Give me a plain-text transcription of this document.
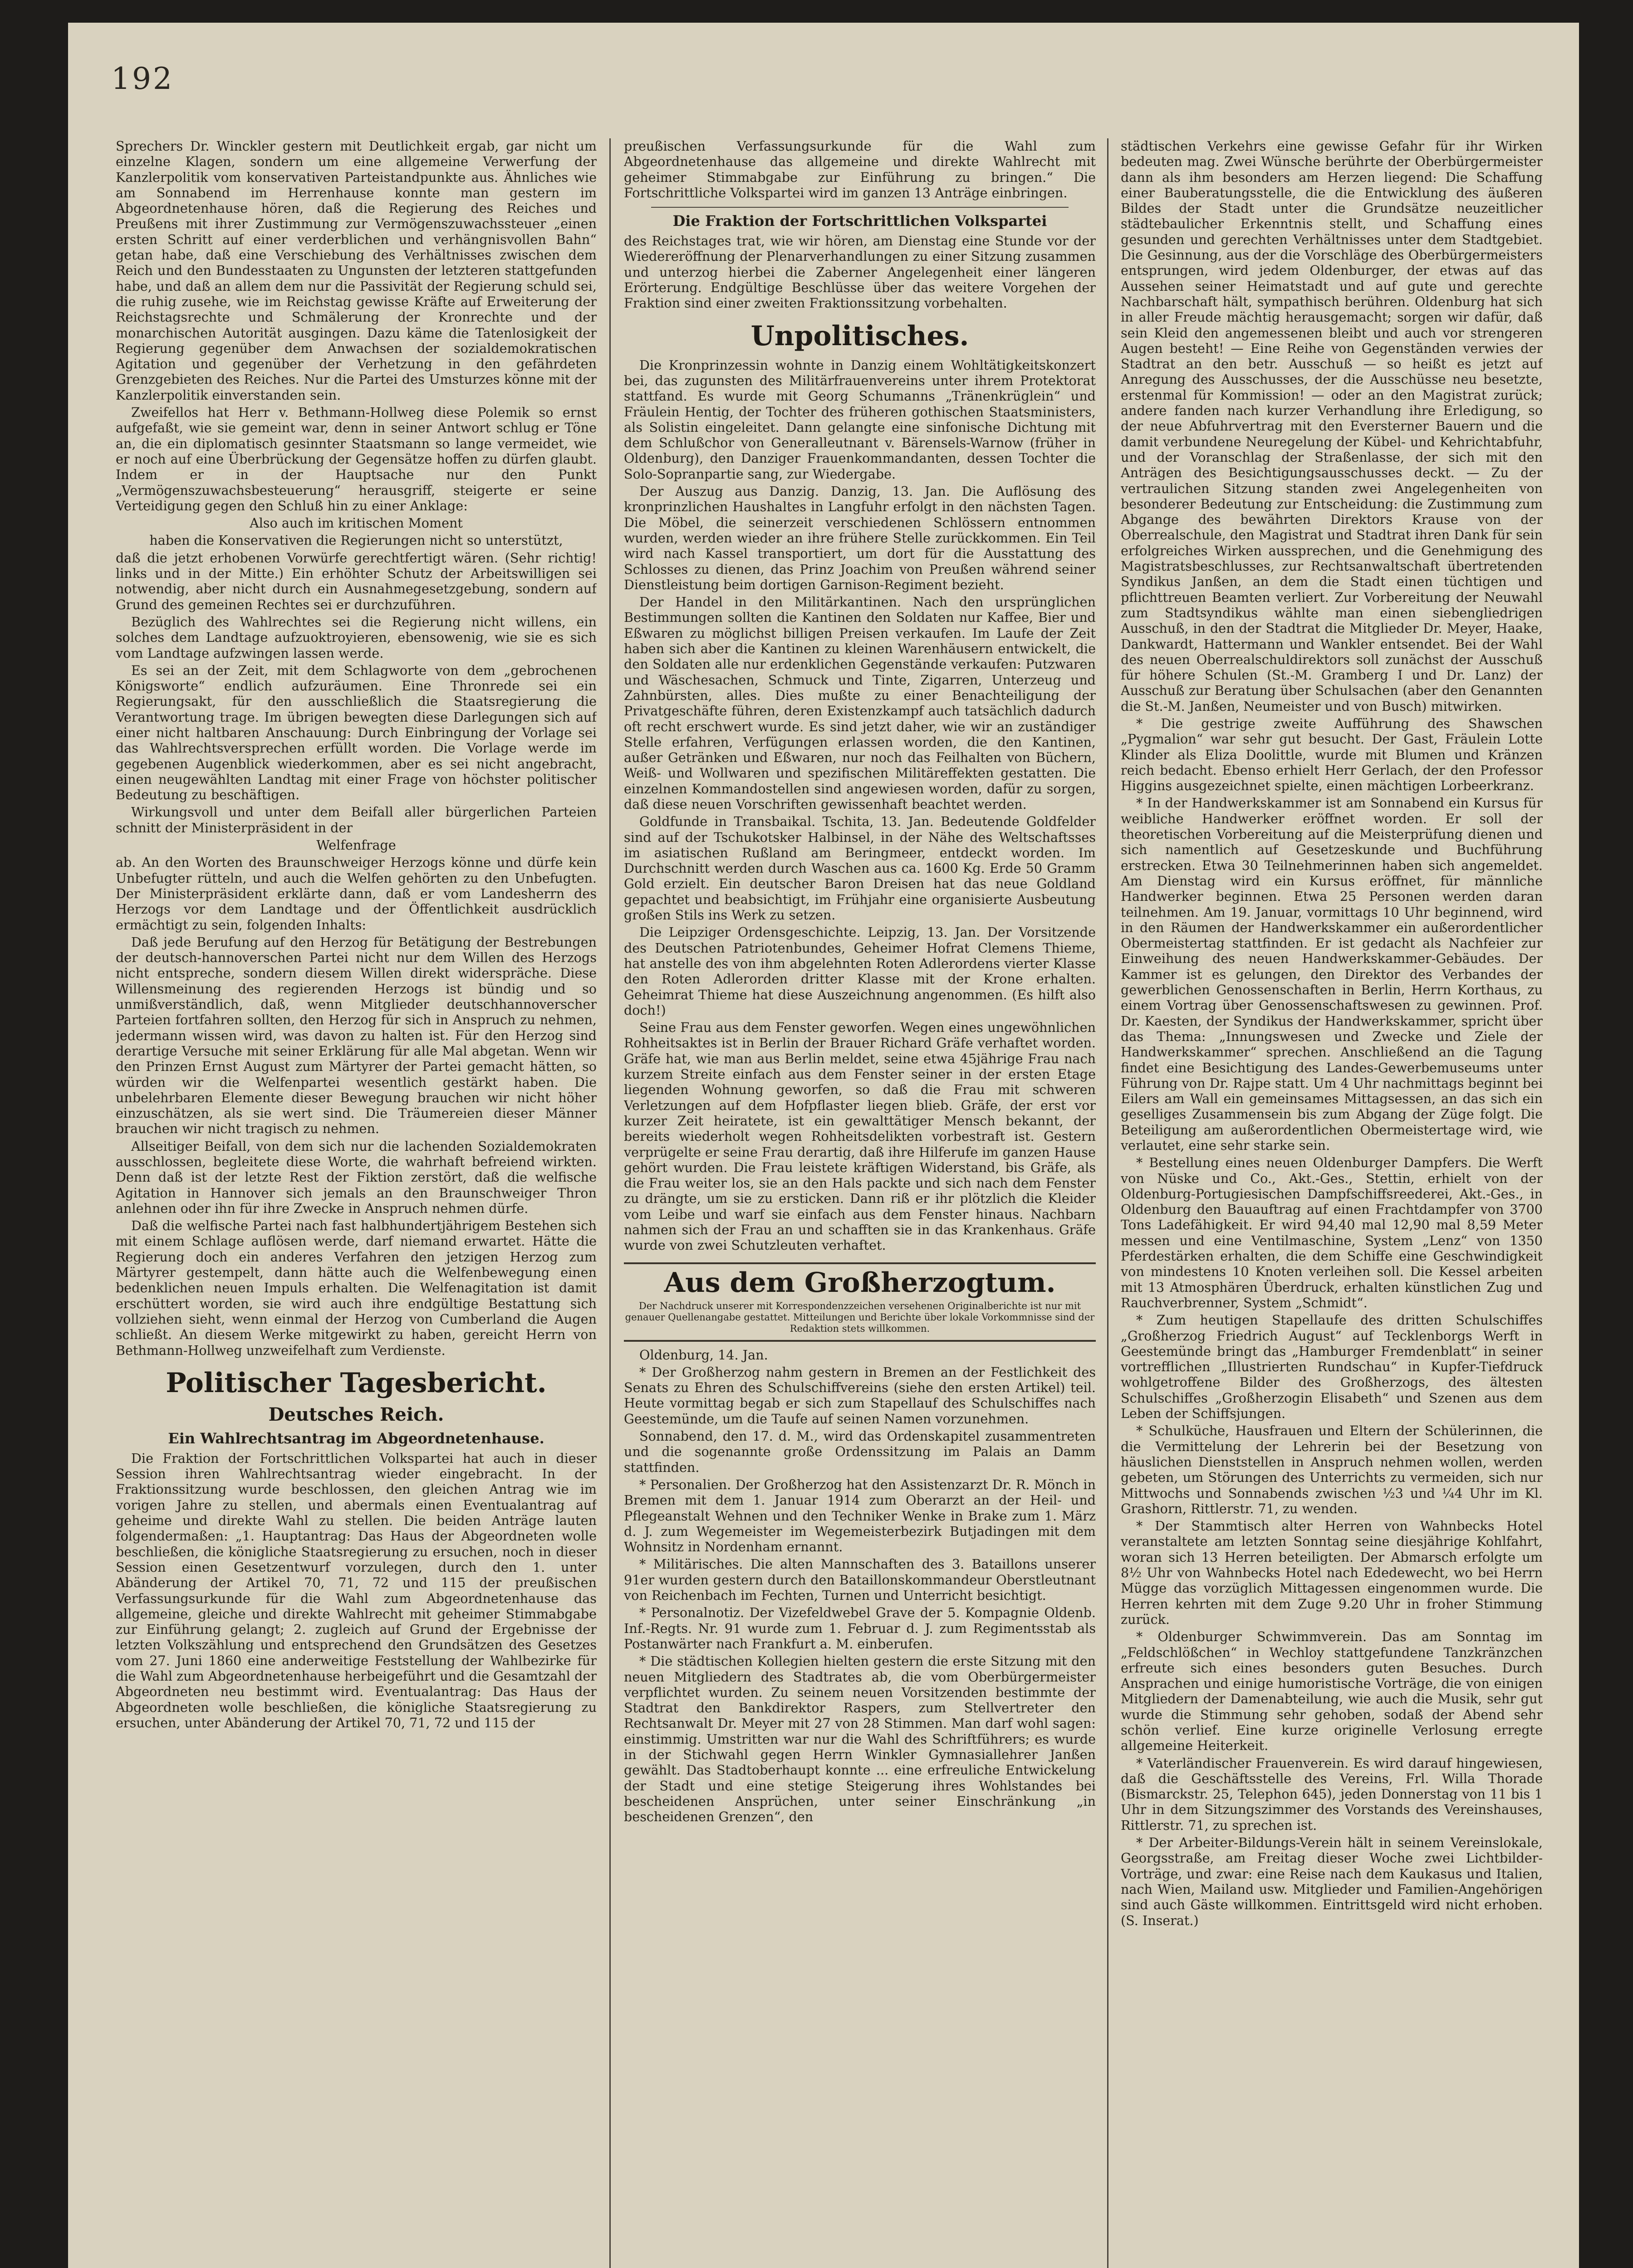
192

Sprechers Dr. Winckler gestern mit Deutlichkeit ergab, gar nicht um einzelne Klagen, sondern um eine allgemeine Verwerfung der Kanzlerpolitik vom konservativen Parteistandpunkte aus. Ähnliches wie am Sonnabend im Herrenhause konnte man gestern im Abgeordnetenhause hören, daß die Regierung des Reiches und Preußens mit ihrer Zustimmung zur Vermögenszuwachssteuer „einen ersten Schritt auf einer verderblichen und verhängnisvollen Bahn“ getan habe, daß eine Verschiebung des Verhältnisses zwischen dem Reich und den Bundesstaaten zu Ungunsten der letzteren stattgefunden habe, und daß an allem dem nur die Passivität der Regierung schuld sei, die ruhig zusehe, wie im Reichstag gewisse Kräfte auf Erweiterung der Reichstagsrechte und Schmälerung der Kronrechte und der monarchischen Autorität ausgingen. Dazu käme die Tatenlosigkeit der Regierung gegenüber dem Anwachsen der sozialdemokratischen Agitation und gegenüber der Verhetzung in den gefährdeten Grenzgebieten des Reiches. Nur die Partei des Umsturzes könne mit der Kanzlerpolitik einverstanden sein.

Zweifellos hat Herr v. Bethmann-Hollweg diese Polemik so ernst aufgefaßt, wie sie gemeint war, denn in seiner Antwort schlug er Töne an, die ein diplomatisch gesinnter Staatsmann so lange vermeidet, wie er noch auf eine Überbrückung der Gegensätze hoffen zu dürfen glaubt. Indem er in der Hauptsache nur den Punkt „Vermögenszuwachsbesteuerung“ herausgriff, steigerte er seine Verteidigung gegen den Schluß hin zu einer Anklage:

Also auch im kritischen Moment

haben die Konservativen die Regierungen nicht so unterstützt,

daß die jetzt erhobenen Vorwürfe gerechtfertigt wären. (Sehr richtig! links und in der Mitte.) Ein erhöhter Schutz der Arbeitswilligen sei notwendig, aber nicht durch ein Ausnahmegesetzgebung, sondern auf Grund des gemeinen Rechtes sei er durchzuführen.

Bezüglich des Wahlrechtes sei die Regierung nicht willens, ein solches dem Landtage aufzuoktroyieren, ebensowenig, wie sie es sich vom Landtage aufzwingen lassen werde.

Es sei an der Zeit, mit dem Schlagworte von dem „gebrochenen Königsworte“ endlich aufzuräumen. Eine Thronrede sei ein Regierungsakt, für den ausschließlich die Staatsregierung die Verantwortung trage. Im übrigen bewegten diese Darlegungen sich auf einer nicht haltbaren Anschauung: Durch Einbringung der Vorlage sei das Wahlrechtsversprechen erfüllt worden. Die Vorlage werde im gegebenen Augenblick wiederkommen, aber es sei nicht angebracht, einen neugewählten Landtag mit einer Frage von höchster politischer Bedeutung zu beschäftigen.

Wirkungsvoll und unter dem Beifall aller bürgerlichen Parteien schnitt der Ministerpräsident in der

Welfenfrage

ab. An den Worten des Braunschweiger Herzogs könne und dürfe kein Unbefugter rütteln, und auch die Welfen gehörten zu den Unbefugten. Der Ministerpräsident erklärte dann, daß er vom Landesherrn des Herzogs vor dem Landtage und der Öffentlichkeit ausdrücklich ermächtigt zu sein, folgenden Inhalts:

Daß jede Berufung auf den Herzog für Betätigung der Bestrebungen der deutsch-hannoverschen Partei nicht nur dem Willen des Herzogs nicht entspreche, sondern diesem Willen direkt widerspräche. Diese Willensmeinung des regierenden Herzogs ist bündig und so unmißverständlich, daß, wenn Mitglieder deutschhannoverscher Parteien fortfahren sollten, den Herzog für sich in Anspruch zu nehmen, jedermann wissen wird, was davon zu halten ist. Für den Herzog sind derartige Versuche mit seiner Erklärung für alle Mal abgetan. Wenn wir den Prinzen Ernst August zum Märtyrer der Partei gemacht hätten, so würden wir die Welfenpartei wesentlich gestärkt haben. Die unbelehrbaren Elemente dieser Bewegung brauchen wir nicht höher einzuschätzen, als sie wert sind. Die Träumereien dieser Männer brauchen wir nicht tragisch zu nehmen.

Allseitiger Beifall, von dem sich nur die lachenden Sozialdemokraten ausschlossen, begleitete diese Worte, die wahrhaft befreiend wirkten. Denn daß ist der letzte Rest der Fiktion zerstört, daß die welfische Agitation in Hannover sich jemals an den Braunschweiger Thron anlehnen oder ihn für ihre Zwecke in Anspruch nehmen dürfe.

Daß die welfische Partei nach fast halbhundertjährigem Bestehen sich mit einem Schlage auflösen werde, darf niemand erwartet. Hätte die Regierung doch ein anderes Verfahren den jetzigen Herzog zum Märtyrer gestempelt, dann hätte auch die Welfenbewegung einen bedenklichen neuen Impuls erhalten. Die Welfenagitation ist damit erschüttert worden, sie wird auch ihre endgültige Bestattung sich vollziehen sieht, wenn einmal der Herzog von Cumberland die Augen schließt. An diesem Werke mitgewirkt zu haben, gereicht Herrn von Bethmann-Hollweg unzweifelhaft zum Verdienste.

Politischer Tagesbericht.
Deutsches Reich.
Ein Wahlrechtsantrag im Abgeordnetenhause.

Die Fraktion der Fortschrittlichen Volkspartei hat auch in dieser Session ihren Wahlrechtsantrag wieder eingebracht. In der Fraktionssitzung wurde beschlossen, den gleichen Antrag wie im vorigen Jahre zu stellen, und abermals einen Eventualantrag auf geheime und direkte Wahl zu stellen. Die beiden Anträge lauten folgendermaßen: „1. Hauptantrag: Das Haus der Abgeordneten wolle beschließen, die königliche Staatsregierung zu ersuchen, noch in dieser Session einen Gesetzentwurf vorzulegen, durch den 1. unter Abänderung der Artikel 70, 71, 72 und 115 der preußischen Verfassungsurkunde für die Wahl zum Abgeordnetenhause das allgemeine, gleiche und direkte Wahlrecht mit geheimer Stimmabgabe zur Einführung gelangt; 2. zugleich auf Grund der Ergebnisse der letzten Volkszählung und entsprechend den Grundsätzen des Gesetzes vom 27. Juni 1860 eine anderweitige Feststellung der Wahlbezirke für die Wahl zum Abgeordnetenhause herbeigeführt und die Gesamtzahl der Abgeordneten neu bestimmt wird. Eventualantrag: Das Haus der Abgeordneten wolle beschließen, die königliche Staatsregierung zu ersuchen, unter Abänderung der Artikel 70, 71, 72 und 115 der

preußischen Verfassungsurkunde für die Wahl zum Abgeordnetenhause das allgemeine und direkte Wahlrecht mit geheimer Stimmabgabe zur Einführung zu bringen.“ Die Fortschrittliche Volkspartei wird im ganzen 13 Anträge einbringen.

Die Fraktion der Fortschrittlichen Volkspartei

des Reichstages trat, wie wir hören, am Dienstag eine Stunde vor der Wiedereröffnung der Plenarverhandlungen zu einer Sitzung zusammen und unterzog hierbei die Zaberner Angelegenheit einer längeren Erörterung. Endgültige Beschlüsse über das weitere Vorgehen der Fraktion sind einer zweiten Fraktionssitzung vorbehalten.

Unpolitisches.

Die Kronprinzessin wohnte in Danzig einem Wohltätigkeitskonzert bei, das zugunsten des Militärfrauenvereins unter ihrem Protektorat stattfand. Es wurde mit Georg Schumanns „Tränenkrüglein“ und Fräulein Hentig, der Tochter des früheren gothischen Staatsministers, als Solistin eingeleitet. Dann gelangte eine sinfonische Dichtung mit dem Schlußchor von Generalleutnant v. Bärensels-Warnow (früher in Oldenburg), den Danziger Frauenkommandanten, dessen Tochter die Solo-Sopranpartie sang, zur Wiedergabe.

Der Auszug aus Danzig. Danzig, 13. Jan. Die Auflösung des kronprinzlichen Haushaltes in Langfuhr erfolgt in den nächsten Tagen. Die Möbel, die seinerzeit verschiedenen Schlössern entnommen wurden, werden wieder an ihre frühere Stelle zurückkommen. Ein Teil wird nach Kassel transportiert, um dort für die Ausstattung des Schlosses zu dienen, das Prinz Joachim von Preußen während seiner Dienstleistung beim dortigen Garnison-Regiment bezieht.

Der Handel in den Militärkantinen. Nach den ursprünglichen Bestimmungen sollten die Kantinen den Soldaten nur Kaffee, Bier und Eßwaren zu möglichst billigen Preisen verkaufen. Im Laufe der Zeit haben sich aber die Kantinen zu kleinen Warenhäusern entwickelt, die den Soldaten alle nur erdenklichen Gegenstände verkaufen: Putzwaren und Wäschesachen, Schmuck und Tinte, Zigarren, Unterzeug und Zahnbürsten, alles. Dies mußte zu einer Benachteiligung der Privatgeschäfte führen, deren Existenzkampf auch tatsächlich dadurch oft recht erschwert wurde. Es sind jetzt daher, wie wir an zuständiger Stelle erfahren, Verfügungen erlassen worden, die den Kantinen, außer Getränken und Eßwaren, nur noch das Feilhalten von Büchern, Weiß- und Wollwaren und spezifischen Militäreffekten gestatten. Die einzelnen Kommandostellen sind angewiesen worden, dafür zu sorgen, daß diese neuen Vorschriften gewissenhaft beachtet werden.

Goldfunde in Transbaikal. Tschita, 13. Jan. Bedeutende Goldfelder sind auf der Tschukotsker Halbinsel, in der Nähe des Weltschaftsses im asiatischen Rußland am Beringmeer, entdeckt worden. Im Durchschnitt werden durch Waschen aus ca. 1600 Kg. Erde 50 Gramm Gold erzielt. Ein deutscher Baron Dreisen hat das neue Goldland gepachtet und beabsichtigt, im Frühjahr eine organisierte Ausbeutung großen Stils ins Werk zu setzen.

Die Leipziger Ordensgeschichte. Leipzig, 13. Jan. Der Vorsitzende des Deutschen Patriotenbundes, Geheimer Hofrat Clemens Thieme, hat anstelle des von ihm abgelehnten Roten Adlerordens vierter Klasse den Roten Adlerorden dritter Klasse mit der Krone erhalten. Geheimrat Thieme hat diese Auszeichnung angenommen. (Es hilft also doch!)

Seine Frau aus dem Fenster geworfen. Wegen eines ungewöhnlichen Rohheitsaktes ist in Berlin der Brauer Richard Gräfe verhaftet worden. Gräfe hat, wie man aus Berlin meldet, seine etwa 45jährige Frau nach kurzem Streite einfach aus dem Fenster seiner in der ersten Etage liegenden Wohnung geworfen, so daß die Frau mit schweren Verletzungen auf dem Hofpflaster liegen blieb. Gräfe, der erst vor kurzer Zeit heiratete, ist ein gewalttätiger Mensch bekannt, der bereits wiederholt wegen Rohheitsdelikten vorbestraft ist. Gestern verprügelte er seine Frau derartig, daß ihre Hilferufe im ganzen Hause gehört wurden. Die Frau leistete kräftigen Widerstand, bis Gräfe, als die Frau weiter los, sie an den Hals packte und sich nach dem Fenster zu drängte, um sie zu ersticken. Dann riß er ihr plötzlich die Kleider vom Leibe und warf sie einfach aus dem Fenster hinaus. Nachbarn nahmen sich der Frau an und schafften sie in das Krankenhaus. Gräfe wurde von zwei Schutzleuten verhaftet.

Aus dem Großherzogtum.

Der Nachdruck unserer mit Korrespondenzzeichen versehenen Originalberichte ist nur mit genauer Quellenangabe gestattet. Mitteilungen und Berichte über lokale Vorkommnisse sind der Redaktion stets willkommen.

Oldenburg, 14. Jan.

* Der Großherzog nahm gestern in Bremen an der Festlichkeit des Senats zu Ehren des Schulschiffvereins (siehe den ersten Artikel) teil. Heute vormittag begab er sich zum Stapellauf des Schulschiffes nach Geestemünde, um die Taufe auf seinen Namen vorzunehmen.

Sonnabend, den 17. d. M., wird das Ordenskapitel zusammentreten und die sogenannte große Ordenssitzung im Palais an Damm stattfinden.

* Personalien. Der Großherzog hat den Assistenzarzt Dr. R. Mönch in Bremen mit dem 1. Januar 1914 zum Oberarzt an der Heil- und Pflegeanstalt Wehnen und den Techniker Wenke in Brake zum 1. März d. J. zum Wegemeister im Wegemeisterbezirk Butjadingen mit dem Wohnsitz in Nordenham ernannt.

* Militärisches. Die alten Mannschaften des 3. Bataillons unserer 91er wurden gestern durch den Bataillonskommandeur Oberstleutnant von Reichenbach im Fechten, Turnen und Unterricht besichtigt.

* Personalnotiz. Der Vizefeldwebel Grave der 5. Kompagnie Oldenb. Inf.-Regts. Nr. 91 wurde zum 1. Februar d. J. zum Regimentsstab als Postanwärter nach Frankfurt a. M. einberufen.

* Die städtischen Kollegien hielten gestern die erste Sitzung mit den neuen Mitgliedern des Stadtrates ab, die vom Oberbürgermeister verpflichtet wurden. Zu seinem neuen Vorsitzenden bestimmte der Stadtrat den Bankdirektor Raspers, zum Stellvertreter den Rechtsanwalt Dr. Meyer mit 27 von 28 Stimmen. Man darf wohl sagen: einstimmig. Umstritten war nur die Wahl des Schriftführers; es wurde in der Stichwahl gegen Herrn Winkler Gymnasiallehrer Janßen gewählt. Das Stadtoberhaupt konnte ... eine erfreuliche Entwickelung der Stadt und eine stetige Steigerung ihres Wohlstandes bei bescheidenen Ansprüchen, unter seiner Einschränkung „in bescheidenen Grenzen“, den

städtischen Verkehrs eine gewisse Gefahr für ihr Wirken bedeuten mag. Zwei Wünsche berührte der Oberbürgermeister dann als ihm besonders am Herzen liegend: Die Schaffung einer Bauberatungsstelle, die die Entwicklung des äußeren Bildes der Stadt unter die Grundsätze neuzeitlicher städtebaulicher Erkenntnis stellt, und Schaffung eines gesunden und gerechten Verhältnisses unter dem Stadtgebiet. Die Gesinnung, aus der die Vorschläge des Oberbürgermeisters entsprungen, wird jedem Oldenburger, der etwas auf das Aussehen seiner Heimatstadt und auf gute und gerechte Nachbarschaft hält, sympathisch berühren. Oldenburg hat sich in aller Freude mächtig herausgemacht; sorgen wir dafür, daß sein Kleid den angemessenen bleibt und auch vor strengeren Augen besteht! — Eine Reihe von Gegenständen verwies der Stadtrat an den betr. Ausschuß — so heißt es jetzt auf Anregung des Ausschusses, der die Ausschüsse neu besetzte, erstenmal für Kommission! — oder an den Magistrat zurück; andere fanden nach kurzer Verhandlung ihre Erledigung, so der neue Abfuhrvertrag mit den Eversterner Bauern und die damit verbundene Neuregelung der Kübel- und Kehrichtabfuhr, und der Voranschlag der Straßenlasse, der sich mit den Anträgen des Besichtigungsausschusses deckt. — Zu der vertraulichen Sitzung standen zwei Angelegenheiten von besonderer Bedeutung zur Entscheidung: die Zustimmung zum Abgange des bewährten Direktors Krause von der Oberrealschule, den Magistrat und Stadtrat ihren Dank für sein erfolgreiches Wirken aussprechen, und die Genehmigung des Magistratsbeschlusses, zur Rechtsanwaltschaft übertretenden Syndikus Janßen, an dem die Stadt einen tüchtigen und pflichttreuen Beamten verliert. Zur Vorbereitung der Neuwahl zum Stadtsyndikus wählte man einen siebengliedrigen Ausschuß, in den der Stadtrat die Mitglieder Dr. Meyer, Haake, Dankwardt, Hattermann und Wankler entsendet. Bei der Wahl des neuen Oberrealschuldirektors soll zunächst der Ausschuß für höhere Schulen (St.-M. Gramberg I und Dr. Lanz) der Ausschuß zur Beratung über Schulsachen (aber den Genannten die St.-M. Janßen, Neumeister und von Busch) mitwirken.

* Die gestrige zweite Aufführung des Shawschen „Pygmalion“ war sehr gut besucht. Der Gast, Fräulein Lotte Klinder als Eliza Doolittle, wurde mit Blumen und Kränzen reich bedacht. Ebenso erhielt Herr Gerlach, der den Professor Higgins ausgezeichnet spielte, einen mächtigen Lorbeerkranz.

* In der Handwerkskammer ist am Sonnabend ein Kursus für weibliche Handwerker eröffnet worden. Er soll der theoretischen Vorbereitung auf die Meisterprüfung dienen und sich namentlich auf Gesetzeskunde und Buchführung erstrecken. Etwa 30 Teilnehmerinnen haben sich angemeldet. Am Dienstag wird ein Kursus eröffnet, für männliche Handwerker beginnen. Etwa 25 Personen werden daran teilnehmen. Am 19. Januar, vormittags 10 Uhr beginnend, wird in den Räumen der Handwerkskammer ein außerordentlicher Obermeistertag stattfinden. Er ist gedacht als Nachfeier zur Einweihung des neuen Handwerkskammer-Gebäudes. Der Kammer ist es gelungen, den Direktor des Verbandes der gewerblichen Genossenschaften in Berlin, Herrn Korthaus, zu einem Vortrag über Genossenschaftswesen zu gewinnen. Prof. Dr. Kaesten, der Syndikus der Handwerkskammer, spricht über das Thema: „Innungswesen und Zwecke und Ziele der Handwerkskammer“ sprechen. Anschließend an die Tagung findet eine Besichtigung des Landes-Gewerbemuseums unter Führung von Dr. Rajpe statt. Um 4 Uhr nachmittags beginnt bei Eilers am Wall ein gemeinsames Mittagsessen, an das sich ein geselliges Zusammensein bis zum Abgang der Züge folgt. Die Beteiligung am außerordentlichen Obermeistertage wird, wie verlautet, eine sehr starke sein.

* Bestellung eines neuen Oldenburger Dampfers. Die Werft von Nüske und Co., Akt.-Ges., Stettin, erhielt von der Oldenburg-Portugiesischen Dampfschiffsreederei, Akt.-Ges., in Oldenburg den Bauauftrag auf einen Frachtdampfer von 3700 Tons Ladefähigkeit. Er wird 94,40 mal 12,90 mal 8,59 Meter messen und eine Ventilmaschine, System „Lenz“ von 1350 Pferdestärken erhalten, die dem Schiffe eine Geschwindigkeit von mindestens 10 Knoten verleihen soll. Die Kessel arbeiten mit 13 Atmosphären Überdruck, erhalten künstlichen Zug und Rauchverbrenner, System „Schmidt“.

* Zum heutigen Stapellaufe des dritten Schulschiffes „Großherzog Friedrich August“ auf Tecklenborgs Werft in Geestemünde bringt das „Hamburger Fremdenblatt“ in seiner vortrefflichen „Illustrierten Rundschau“ in Kupfer-Tiefdruck wohlgetroffene Bilder des Großherzogs, des ältesten Schulschiffes „Großherzogin Elisabeth“ und Szenen aus dem Leben der Schiffsjungen.

* Schulküche, Hausfrauen und Eltern der Schülerinnen, die die Vermittelung der Lehrerin bei der Besetzung von häuslichen Dienststellen in Anspruch nehmen wollen, werden gebeten, um Störungen des Unterrichts zu vermeiden, sich nur Mittwochs und Sonnabends zwischen ½3 und ¼4 Uhr im Kl. Grashorn, Rittlerstr. 71, zu wenden.

* Der Stammtisch alter Herren von Wahnbecks Hotel veranstaltete am letzten Sonntag seine diesjährige Kohlfahrt, woran sich 13 Herren beteiligten. Der Abmarsch erfolgte um 8½ Uhr von Wahnbecks Hotel nach Ededewecht, wo bei Herrn Mügge das vorzüglich Mittagessen eingenommen wurde. Die Herren kehrten mit dem Zuge 9.20 Uhr in froher Stimmung zurück.

* Oldenburger Schwimmverein. Das am Sonntag im „Feldschlößchen“ in Wechloy stattgefundene Tanzkränzchen erfreute sich eines besonders guten Besuches. Durch Ansprachen und einige humoristische Vorträge, die von einigen Mitgliedern der Damenabteilung, wie auch die Musik, sehr gut wurde die Stimmung sehr gehoben, sodaß der Abend sehr schön verlief. Eine kurze originelle Verlosung erregte allgemeine Heiterkeit.

* Vaterländischer Frauenverein. Es wird darauf hingewiesen, daß die Geschäftsstelle des Vereins, Frl. Willa Thorade (Bismarckstr. 25, Telephon 645), jeden Donnerstag von 11 bis 1 Uhr in dem Sitzungszimmer des Vorstands des Vereinshauses, Rittlerstr. 71, zu sprechen ist.

* Der Arbeiter-Bildungs-Verein hält in seinem Vereinslokale, Georgsstraße, am Freitag dieser Woche zwei Lichtbilder-Vorträge, und zwar: eine Reise nach dem Kaukasus und Italien, nach Wien, Mailand usw. Mitglieder und Familien-Angehörigen sind auch Gäste willkommen. Eintrittsgeld wird nicht erhoben. (S. Inserat.)
